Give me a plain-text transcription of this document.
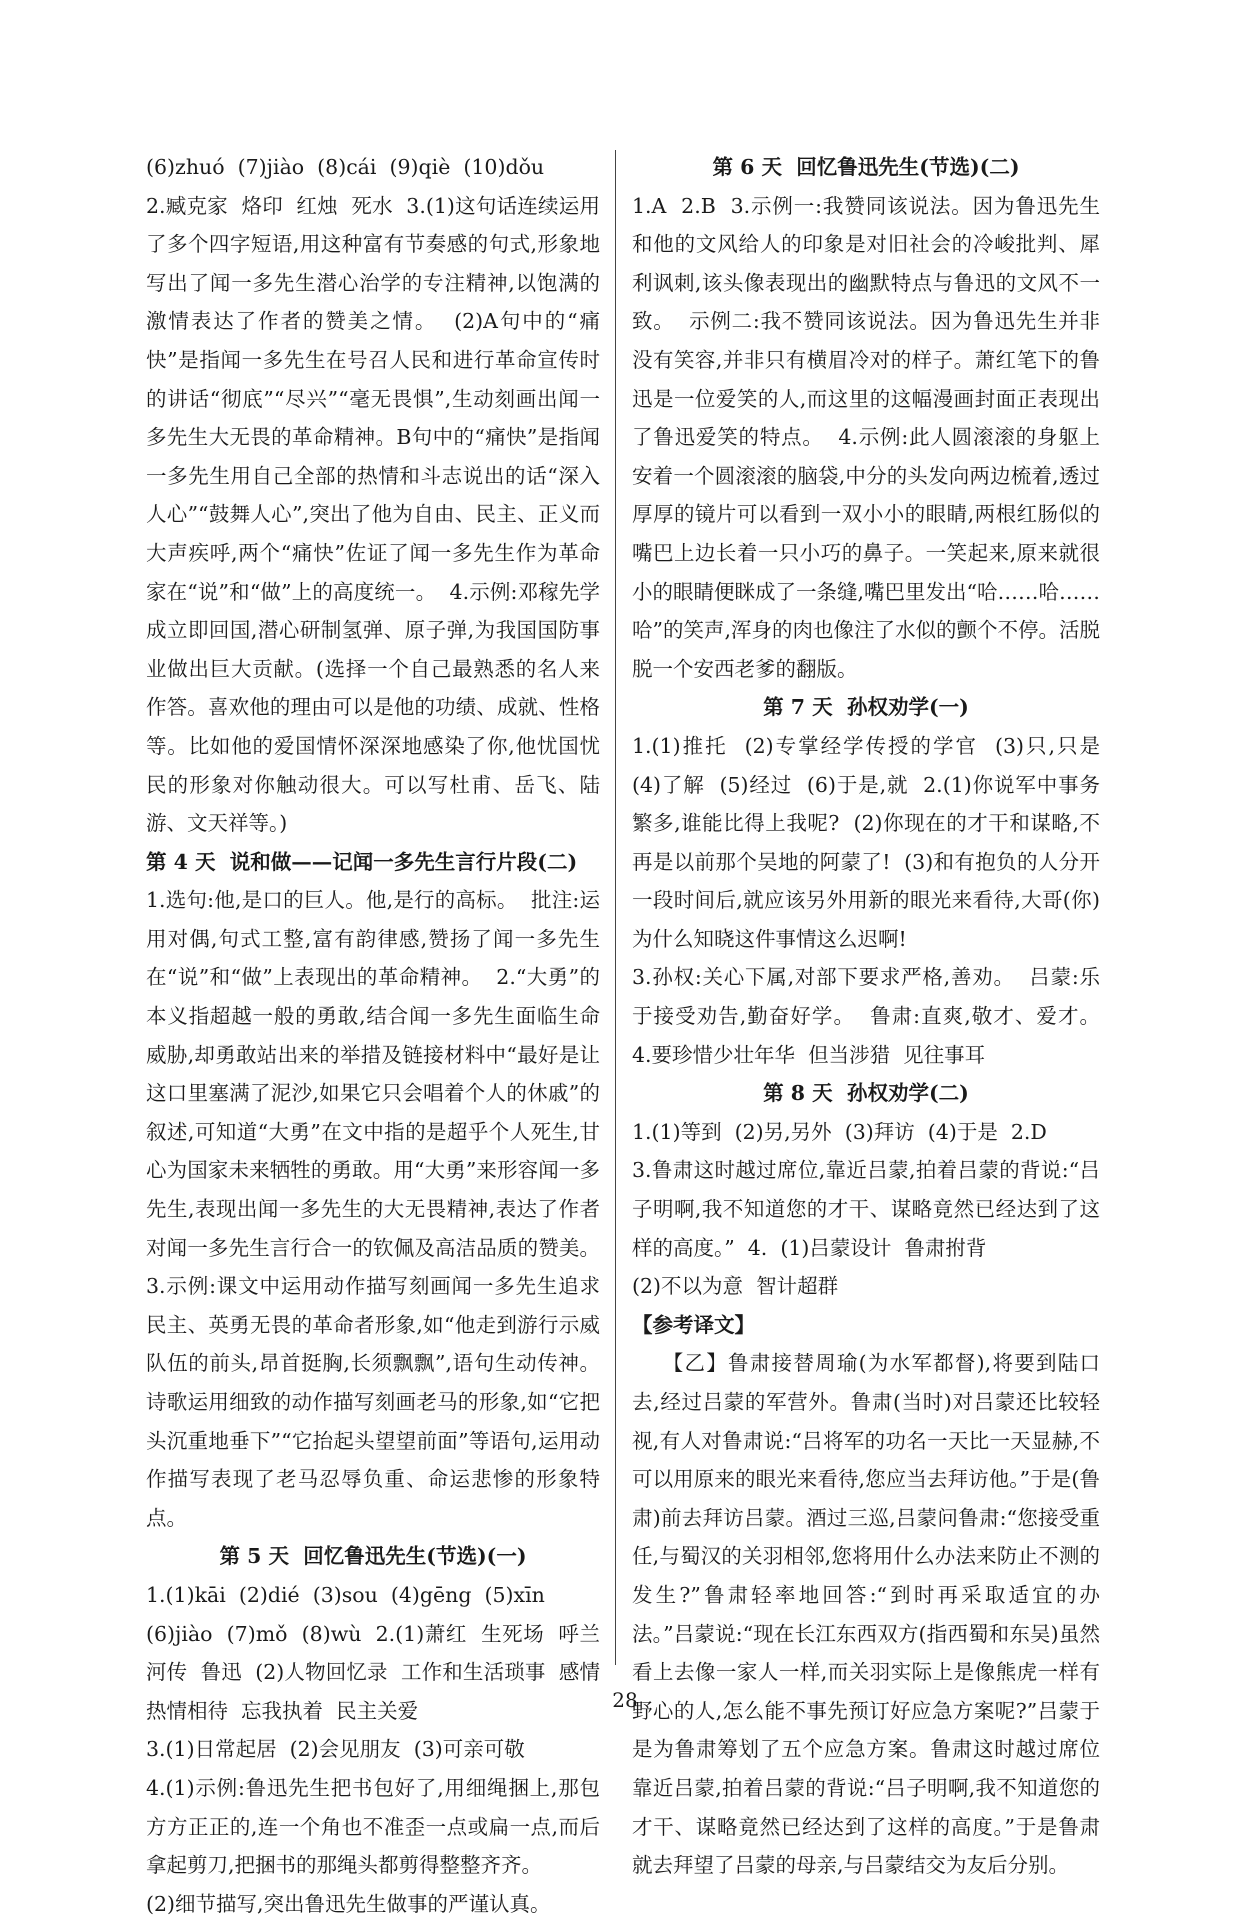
(6)zhuó  (7)jiào  (8)cái  (9)qiè  (10)dǒu

2.臧克家  烙印  红烛  死水  3.(1)这句话连续运用了多个四字短语,用这种富有节奏感的句式,形象地写出了闻一多先生潜心治学的专注精神,以饱满的激情表达了作者的赞美之情。  (2)A句中的“痛快”是指闻一多先生在号召人民和进行革命宣传时的讲话“彻底”“尽兴”“毫无畏惧”,生动刻画出闻一多先生大无畏的革命精神。B句中的“痛快”是指闻一多先生用自己全部的热情和斗志说出的话“深入人心”“鼓舞人心”,突出了他为自由、民主、正义而大声疾呼,两个“痛快”佐证了闻一多先生作为革命家在“说”和“做”上的高度统一。  4.示例:邓稼先学成立即回国,潜心研制氢弹、原子弹,为我国国防事业做出巨大贡献。(选择一个自己最熟悉的名人来作答。喜欢他的理由可以是他的功绩、成就、性格等。比如他的爱国情怀深深地感染了你,他忧国忧民的形象对你触动很大。可以写杜甫、岳飞、陆游、文天祥等。)

第 4 天  说和做——记闻一多先生言行片段(二)

1.选句:他,是口的巨人。他,是行的高标。  批注:运用对偶,句式工整,富有韵律感,赞扬了闻一多先生在“说”和“做”上表现出的革命精神。  2.“大勇”的本义指超越一般的勇敢,结合闻一多先生面临生命威胁,却勇敢站出来的举措及链接材料中“最好是让这口里塞满了泥沙,如果它只会唱着个人的休戚”的叙述,可知道“大勇”在文中指的是超乎个人死生,甘心为国家未来牺牲的勇敢。用“大勇”来形容闻一多先生,表现出闻一多先生的大无畏精神,表达了作者对闻一多先生言行合一的钦佩及高洁品质的赞美。  3.示例:课文中运用动作描写刻画闻一多先生追求民主、英勇无畏的革命者形象,如“他走到游行示威队伍的前头,昂首挺胸,长须飘飘”,语句生动传神。诗歌运用细致的动作描写刻画老马的形象,如“它把头沉重地垂下”“它抬起头望望前面”等语句,运用动作描写表现了老马忍辱负重、命运悲惨的形象特点。

第 5 天  回忆鲁迅先生(节选)(一)

1.(1)kāi  (2)dié  (3)sou  (4)gēng  (5)xīn

(6)jiào  (7)mǒ  (8)wù  2.(1)萧红  生死场  呼兰河传  鲁迅  (2)人物回忆录  工作和生活琐事  感情  热情相待  忘我执着  民主关爱

3.(1)日常起居  (2)会见朋友  (3)可亲可敬

4.(1)示例:鲁迅先生把书包好了,用细绳捆上,那包方方正正的,连一个角也不准歪一点或扁一点,而后拿起剪刀,把捆书的那绳头都剪得整整齐齐。

(2)细节描写,突出鲁迅先生做事的严谨认真。

第 6 天  回忆鲁迅先生(节选)(二)

1.A  2.B  3.示例一:我赞同该说法。因为鲁迅先生和他的文风给人的印象是对旧社会的冷峻批判、犀利讽刺,该头像表现出的幽默特点与鲁迅的文风不一致。  示例二:我不赞同该说法。因为鲁迅先生并非没有笑容,并非只有横眉冷对的样子。萧红笔下的鲁迅是一位爱笑的人,而这里的这幅漫画封面正表现出了鲁迅爱笑的特点。  4.示例:此人圆滚滚的身躯上安着一个圆滚滚的脑袋,中分的头发向两边梳着,透过厚厚的镜片可以看到一双小小的眼睛,两根红肠似的嘴巴上边长着一只小巧的鼻子。一笑起来,原来就很小的眼睛便眯成了一条缝,嘴巴里发出“哈……哈……哈”的笑声,浑身的肉也像注了水似的颤个不停。活脱脱一个安西老爹的翻版。

第 7 天  孙权劝学(一)

1.(1)推托  (2)专掌经学传授的学官  (3)只,只是  (4)了解  (5)经过  (6)于是,就  2.(1)你说军中事务繁多,谁能比得上我呢?  (2)你现在的才干和谋略,不再是以前那个吴地的阿蒙了!  (3)和有抱负的人分开一段时间后,就应该另外用新的眼光来看待,大哥(你)为什么知晓这件事情这么迟啊!

3.孙权:关心下属,对部下要求严格,善劝。  吕蒙:乐于接受劝告,勤奋好学。  鲁肃:直爽,敬才、爱才。  4.要珍惜少壮年华  但当涉猎  见往事耳

第 8 天  孙权劝学(二)

1.(1)等到  (2)另,另外  (3)拜访  (4)于是  2.D

3.鲁肃这时越过席位,靠近吕蒙,拍着吕蒙的背说:“吕子明啊,我不知道您的才干、谋略竟然已经达到了这样的高度。”  4.  (1)吕蒙设计  鲁肃拊背

(2)不以为意  智计超群

【参考译文】

【乙】鲁肃接替周瑜(为水军都督),将要到陆口去,经过吕蒙的军营外。鲁肃(当时)对吕蒙还比较轻视,有人对鲁肃说:“吕将军的功名一天比一天显赫,不可以用原来的眼光来看待,您应当去拜访他。”于是(鲁肃)前去拜访吕蒙。酒过三巡,吕蒙问鲁肃:“您接受重任,与蜀汉的关羽相邻,您将用什么办法来防止不测的发生?”鲁肃轻率地回答:“到时再采取适宜的办法。”吕蒙说:“现在长江东西双方(指西蜀和东吴)虽然看上去像一家人一样,而关羽实际上是像熊虎一样有野心的人,怎么能不事先预订好应急方案呢?”吕蒙于是为鲁肃筹划了五个应急方案。鲁肃这时越过席位靠近吕蒙,拍着吕蒙的背说:“吕子明啊,我不知道您的才干、谋略竟然已经达到了这样的高度。”于是鲁肃就去拜望了吕蒙的母亲,与吕蒙结交为友后分别。

28
